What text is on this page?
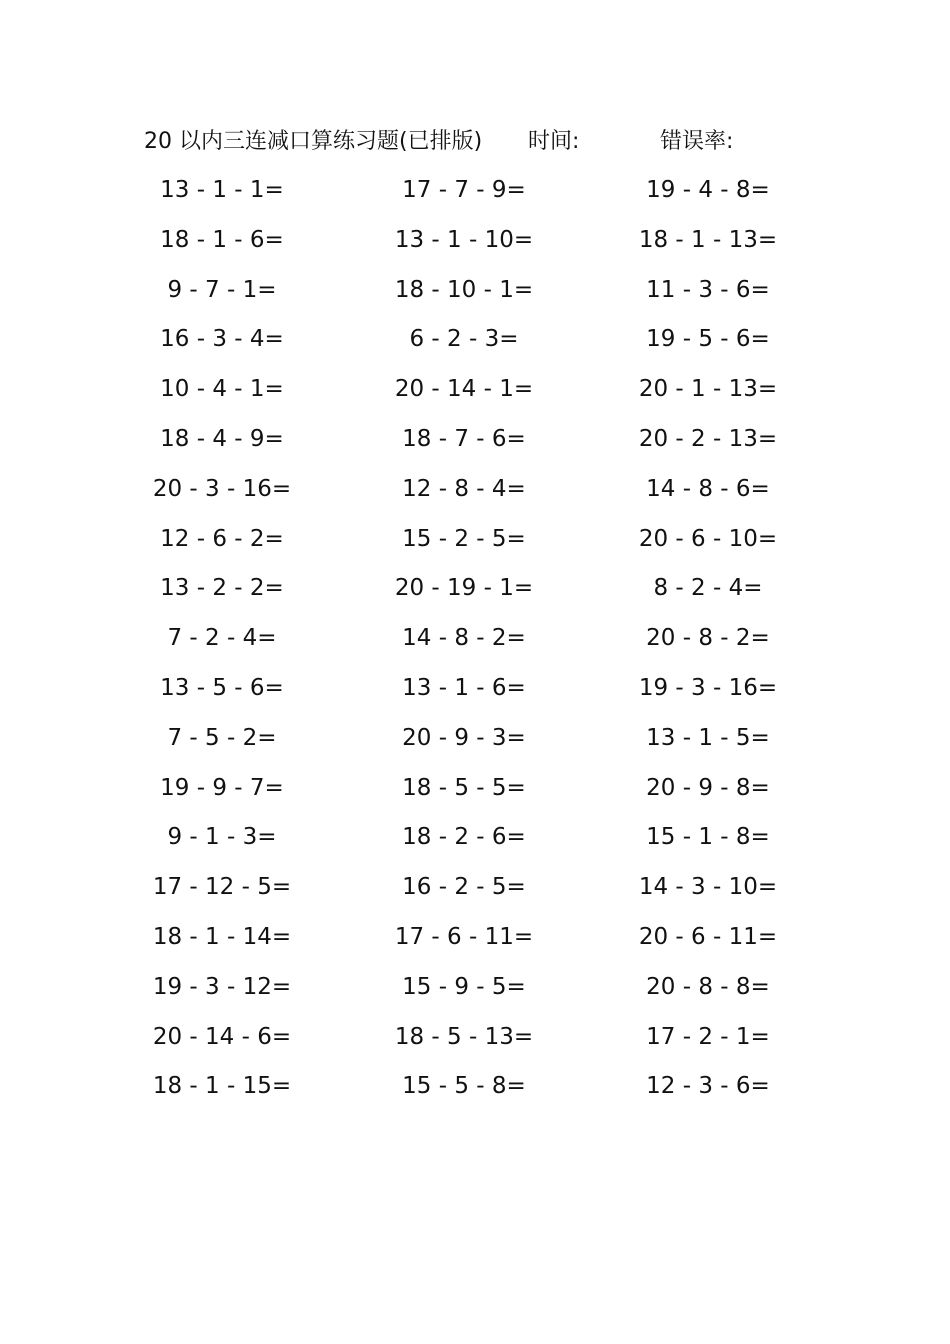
20 以内三连减口算练习题(已排版) 时间:	错误率:
13 - 1 - 1=	17 - 7 - 9=	19 - 4 - 8=
18 - 1 - 6=	13 - 1 - 10=	18 - 1 - 13=
9 - 7 - 1=	18 - 10 - 1=	11 - 3 - 6=
16 - 3 - 4=	6 - 2 - 3=	19 - 5 - 6=
10 - 4 - 1=	20 - 14 - 1=	20 - 1 - 13=
18 - 4 - 9=	18 - 7 - 6=	20 - 2 - 13=
20 - 3 - 16=	12 - 8 - 4=	14 - 8 - 6=
12 - 6 - 2=	15 - 2 - 5=	20 - 6 - 10=
13 - 2 - 2=	20 - 19 - 1=	8 - 2 - 4=
7 - 2 - 4=	14 - 8 - 2=	20 - 8 - 2=
13 - 5 - 6=	13 - 1 - 6=	19 - 3 - 16=
7 - 5 - 2=	20 - 9 - 3=	13 - 1 - 5=
19 - 9 - 7=	18 - 5 - 5=	20 - 9 - 8=
9 - 1 - 3=	18 - 2 - 6=	15 - 1 - 8=
17 - 12 - 5=	16 - 2 - 5=	14 - 3 - 10=
18 - 1 - 14=	17 - 6 - 11=	20 - 6 - 11=
19 - 3 - 12=	15 - 9 - 5=	20 - 8 - 8=
20 - 14 - 6=	18 - 5 - 13=	17 - 2 - 1=
18 - 1 - 15=	15 - 5 - 8=	12 - 3 - 6=
